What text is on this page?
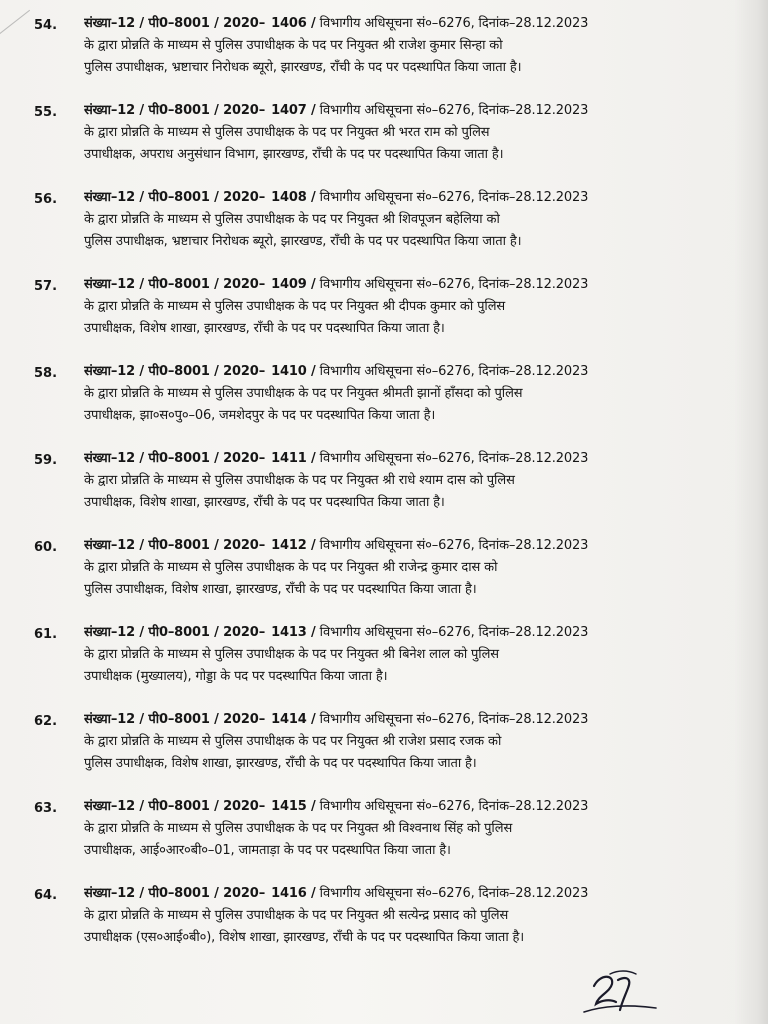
54. संख्या–12 / पी0–8001 / 2020– 1406 / विभागीय अधिसूचना सं०–6276, दिनांक–28.12.2023
के द्वारा प्रोन्नति के माध्यम से पुलिस उपाधीक्षक के पद पर नियुक्त श्री राजेश कुमार सिन्हा को
पुलिस उपाधीक्षक, भ्रष्टाचार निरोधक ब्यूरो, झारखण्ड, राँची के पद पर पदस्थापित किया जाता है।
55. संख्या–12 / पी0–8001 / 2020– 1407 / विभागीय अधिसूचना सं०–6276, दिनांक–28.12.2023
के द्वारा प्रोन्नति के माध्यम से पुलिस उपाधीक्षक के पद पर नियुक्त श्री भरत राम को पुलिस
उपाधीक्षक, अपराध अनुसंधान विभाग, झारखण्ड, राँची के पद पर पदस्थापित किया जाता है।
56. संख्या–12 / पी0–8001 / 2020– 1408 / विभागीय अधिसूचना सं०–6276, दिनांक–28.12.2023
के द्वारा प्रोन्नति के माध्यम से पुलिस उपाधीक्षक के पद पर नियुक्त श्री शिवपूजन बहेलिया को
पुलिस उपाधीक्षक, भ्रष्टाचार निरोधक ब्यूरो, झारखण्ड, राँची के पद पर पदस्थापित किया जाता है।
57. संख्या–12 / पी0–8001 / 2020– 1409 / विभागीय अधिसूचना सं०–6276, दिनांक–28.12.2023
के द्वारा प्रोन्नति के माध्यम से पुलिस उपाधीक्षक के पद पर नियुक्त श्री दीपक कुमार को पुलिस
उपाधीक्षक, विशेष शाखा, झारखण्ड, राँची के पद पर पदस्थापित किया जाता है।
58. संख्या–12 / पी0–8001 / 2020– 1410 / विभागीय अधिसूचना सं०–6276, दिनांक–28.12.2023
के द्वारा प्रोन्नति के माध्यम से पुलिस उपाधीक्षक के पद पर नियुक्त श्रीमती झानों हाँसदा को पुलिस
उपाधीक्षक, झा०स०पु०–06, जमशेदपुर के पद पर पदस्थापित किया जाता है।
59. संख्या–12 / पी0–8001 / 2020– 1411 / विभागीय अधिसूचना सं०–6276, दिनांक–28.12.2023
के द्वारा प्रोन्नति के माध्यम से पुलिस उपाधीक्षक के पद पर नियुक्त श्री राधे श्याम दास को पुलिस
उपाधीक्षक, विशेष शाखा, झारखण्ड, राँची के पद पर पदस्थापित किया जाता है।
60. संख्या–12 / पी0–8001 / 2020– 1412 / विभागीय अधिसूचना सं०–6276, दिनांक–28.12.2023
के द्वारा प्रोन्नति के माध्यम से पुलिस उपाधीक्षक के पद पर नियुक्त श्री राजेन्द्र कुमार दास को
पुलिस उपाधीक्षक, विशेष शाखा, झारखण्ड, राँची के पद पर पदस्थापित किया जाता है।
61. संख्या–12 / पी0–8001 / 2020– 1413 / विभागीय अधिसूचना सं०–6276, दिनांक–28.12.2023
के द्वारा प्रोन्नति के माध्यम से पुलिस उपाधीक्षक के पद पर नियुक्त श्री बिनेश लाल को पुलिस
उपाधीक्षक (मुख्यालय), गोड्डा के पद पर पदस्थापित किया जाता है।
62. संख्या–12 / पी0–8001 / 2020– 1414 / विभागीय अधिसूचना सं०–6276, दिनांक–28.12.2023
के द्वारा प्रोन्नति के माध्यम से पुलिस उपाधीक्षक के पद पर नियुक्त श्री राजेश प्रसाद रजक को
पुलिस उपाधीक्षक, विशेष शाखा, झारखण्ड, राँची के पद पर पदस्थापित किया जाता है।
63. संख्या–12 / पी0–8001 / 2020– 1415 / विभागीय अधिसूचना सं०–6276, दिनांक–28.12.2023
के द्वारा प्रोन्नति के माध्यम से पुलिस उपाधीक्षक के पद पर नियुक्त श्री विश्वनाथ सिंह को पुलिस
उपाधीक्षक, आई०आर०बी०–01, जामताड़ा के पद पर पदस्थापित किया जाता है।
64. संख्या–12 / पी0–8001 / 2020– 1416 / विभागीय अधिसूचना सं०–6276, दिनांक–28.12.2023
के द्वारा प्रोन्नति के माध्यम से पुलिस उपाधीक्षक के पद पर नियुक्त श्री सत्येन्द्र प्रसाद को पुलिस
उपाधीक्षक (एस०आई०बी०), विशेष शाखा, झारखण्ड, राँची के पद पर पदस्थापित किया जाता है।
